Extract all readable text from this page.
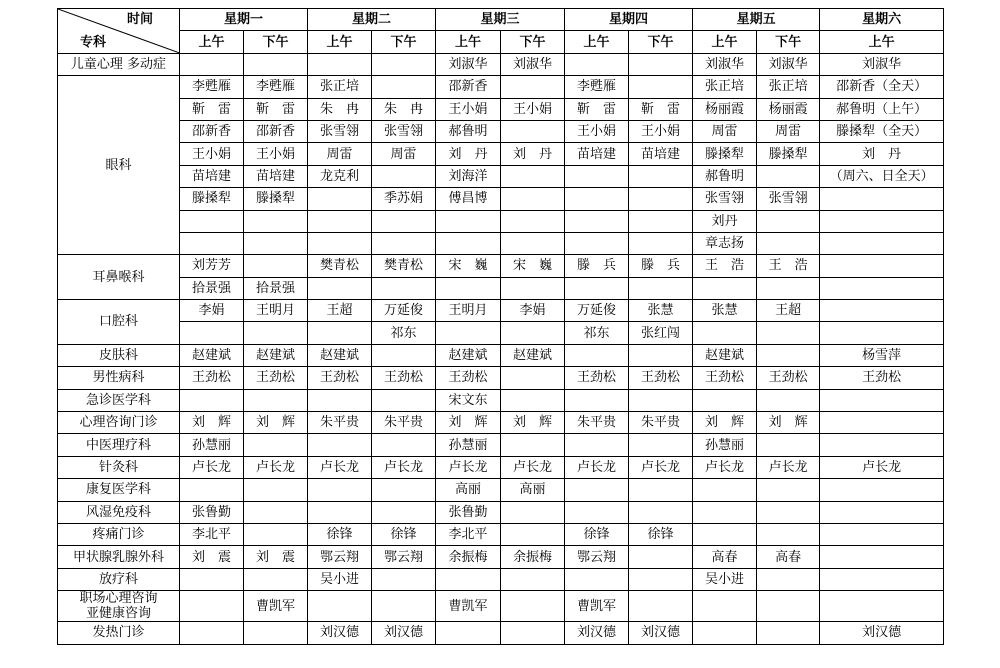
时间
专科	星期一		星期二		星期三		星期四		星期五		星期六
	上午	下午	上午	下午	上午	下午	上午	下午	上午	下午	上午
儿童心理 多动症					刘淑华	刘淑华			刘淑华	刘淑华	刘淑华
眼科	李甦雁	李甦雁	张正培		邵新香		李甦雁		张正培	张正培	邵新香（全天）
	靳　雷	靳　雷	朱　冉	朱　冉	王小娟	王小娟	靳　雷	靳　雷	杨丽霞	杨丽霞	郝鲁明（上午）
	邵新香	邵新香	张雪翎	张雪翎	郝鲁明		王小娟	王小娟	周雷	周雷	滕搡犁（全天）
	王小娟	王小娟	周雷	周雷	刘　丹	刘　丹	苗培建	苗培建	滕搡犁	滕搡犁	刘　丹
	苗培建	苗培建	龙克利		刘海洋				郝鲁明		（周六、日全天）
	滕搡犁	滕搡犁		季苏娟	傅昌博				张雪翎	张雪翎	
									刘丹		
									章志扬		
耳鼻喉科	刘芳芳		樊青松	樊青松	宋　巍	宋　巍	滕　兵	滕　兵	王　浩	王　浩	
	拾景强	拾景强									
口腔科	李娟	王明月	王超	万延俊	王明月	李娟	万延俊	张慧	张慧	王超	
				祁东			祁东	张红闯			
皮肤科	赵建斌	赵建斌	赵建斌		赵建斌	赵建斌			赵建斌		杨雪萍
男性病科	王劲松	王劲松	王劲松	王劲松	王劲松		王劲松	王劲松	王劲松	王劲松	王劲松
急诊医学科					宋文东						
心理咨询门诊	刘　辉	刘　辉	朱平贵	朱平贵	刘　辉	刘　辉	朱平贵	朱平贵	刘　辉	刘　辉	
中医理疗科	孙慧丽				孙慧丽				孙慧丽		
针灸科	卢长龙	卢长龙	卢长龙	卢长龙	卢长龙	卢长龙	卢长龙	卢长龙	卢长龙	卢长龙	卢长龙
康复医学科					高丽	高丽					
风湿免疫科	张鲁勤				张鲁勤						
疼痛门诊	李北平		徐锋	徐锋	李北平		徐锋	徐锋			
甲状腺乳腺外科	刘　震	刘　震	鄂云翔	鄂云翔	余振梅	余振梅	鄂云翔		高春	高春	
放疗科			吴小进						吴小进		
职场心理咨询
亚健康咨询		曹凯军			曹凯军		曹凯军				
发热门诊			刘汉德	刘汉德			刘汉德	刘汉德			刘汉德
